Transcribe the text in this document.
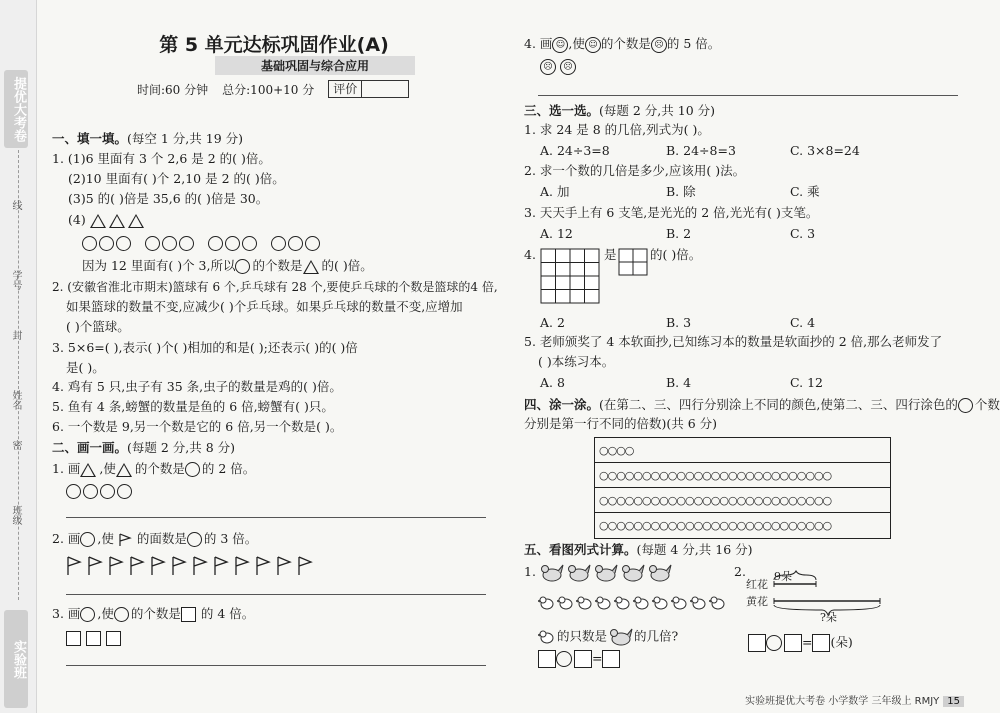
提优大考卷
线
学号
封
姓名
密
班级
实验班
第 5 单元达标巩固作业(A)
基础巩固与综合应用
时间:60 分钟 总分:100+10 分	评价
一、填一填。(每空 1 分,共 19 分)
1. (1)6 里面有 3 个 2,6 是 2 的( )倍。
(2)10 里面有( )个 2,10 是 2 的( )倍。
(3)5 的( )倍是 35,6 的( )倍是 30。
(4)

因为 12 里面有( )个 3,所以 的个数是 的( )倍。
2. (安徽省淮北市期末)篮球有 6 个,乒乓球有 28 个,要使乒乓球的个数是篮球的4 倍,
如果篮球的数量不变,应减少( )个乒乓球。如果乒乓球的数量不变,应增加
( )个篮球。
3. 5×6=( ),表示( )个( )相加的和是( );还表示( )的( )倍
是( )。
4. 鸡有 5 只,虫子有 35 条,虫子的数量是鸡的( )倍。
5. 鱼有 4 条,螃蟹的数量是鱼的 6 倍,螃蟹有( )只。
6. 一个数是 9,另一个数是它的 6 倍,另一个数是( )。
二、画一画。(每题 2 分,共 8 分)
1. 画 ,使 的个数是 的 2 倍。
2. 画 ,使 的面数是 的 3 倍。
3. 画 ,使 的个数是 的 4 倍。
4. 画 ☺ ,使 ☺ 的个数是 ☹ 的 5 倍。
☹ ☹
三、选一选。(每题 2 分,共 10 分)
1. 求 24 是 8 的几倍,列式为( )。
A. 24÷3=8	B. 24÷8=3	C. 3×8=24
2. 求一个数的几倍是多少,应该用( )法。
A. 加	B. 除	C. 乘
3. 天天手上有 6 支笔,是光光的 2 倍,光光有( )支笔。
A. 12	B. 2	C. 3
4.	是	的( )倍。
A. 2	B. 3	C. 4
5. 老师颁奖了 4 本软面抄,已知练习本的数量是软面抄的 2 倍,那么老师发了
( )本练习本。
A. 8	B. 4	C. 12
四、涂一涂。(在第二、三、四行分别涂上不同的颜色,使第二、三、四行涂色的 个数
分别是第一行不同的倍数)(共 6 分)
○○○○
○○○○○○○○○○○○○○○○○○○○○○○○○○○
○○○○○○○○○○○○○○○○○○○○○○○○○○○
○○○○○○○○○○○○○○○○○○○○○○○○○○○
五、看图列式计算。(每题 4 分,共 16 分)
1.
的只数是 的几倍?
=
2.	9朵
红花
黄花
?朵
= (朵)
实验班提优大考卷 小学数学 三年级上 RMJY 15
